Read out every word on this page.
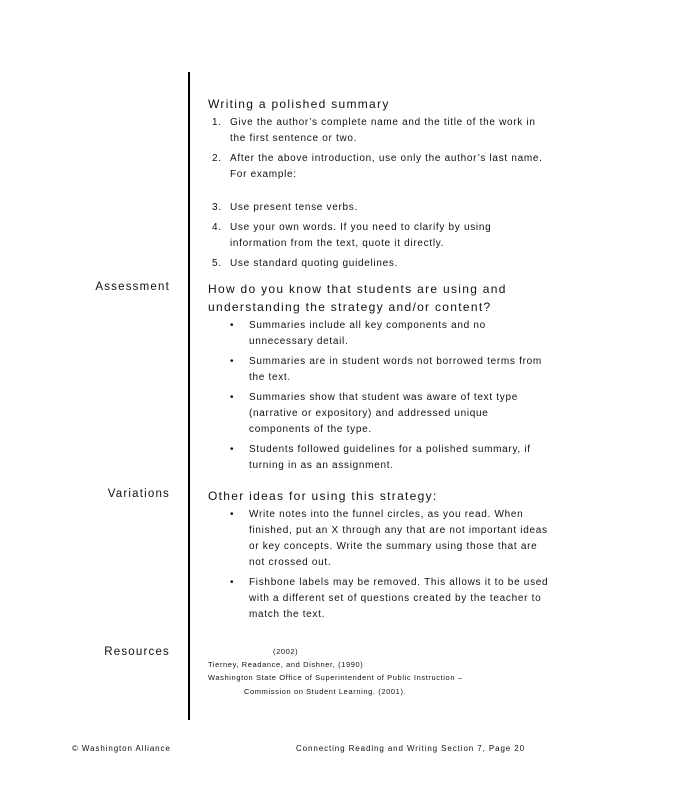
Writing a polished summary

1. Give the author’s complete name and the title of the work in the first sentence or two.
2. After the above introduction, use only the author’s last name. For example:
3. Use present tense verbs.
4. Use your own words. If you need to clarify by using information from the text, quote it directly.
5. Use standard quoting guidelines.
Assessment	How do you know that students are using and understanding the strategy and/or content?

• Summaries include all key components and no unnecessary detail.
• Summaries are in student words not borrowed terms from the text.
• Summaries show that student was aware of text type (narrative or expository) and addressed unique components of the type.
• Students followed guidelines for a polished summary, if turning in as an assignment.
Variations	Other ideas for using this strategy:

• Write notes into the funnel circles, as you read. When finished, put an X through any that are not important ideas or key concepts. Write the summary using those that are not crossed out.
• Fishbone labels may be removed. This allows it to be used with a different set of questions created by the teacher to match the text.
Resources	(2002)
Tierney, Readance, and Dishner, (1990)
Washington State Office of Superintendent of Public Instruction –
Commission on Student Learning. (2001).
© Washington Alliance	Connecting Reading and Writing Section 7, Page 20
